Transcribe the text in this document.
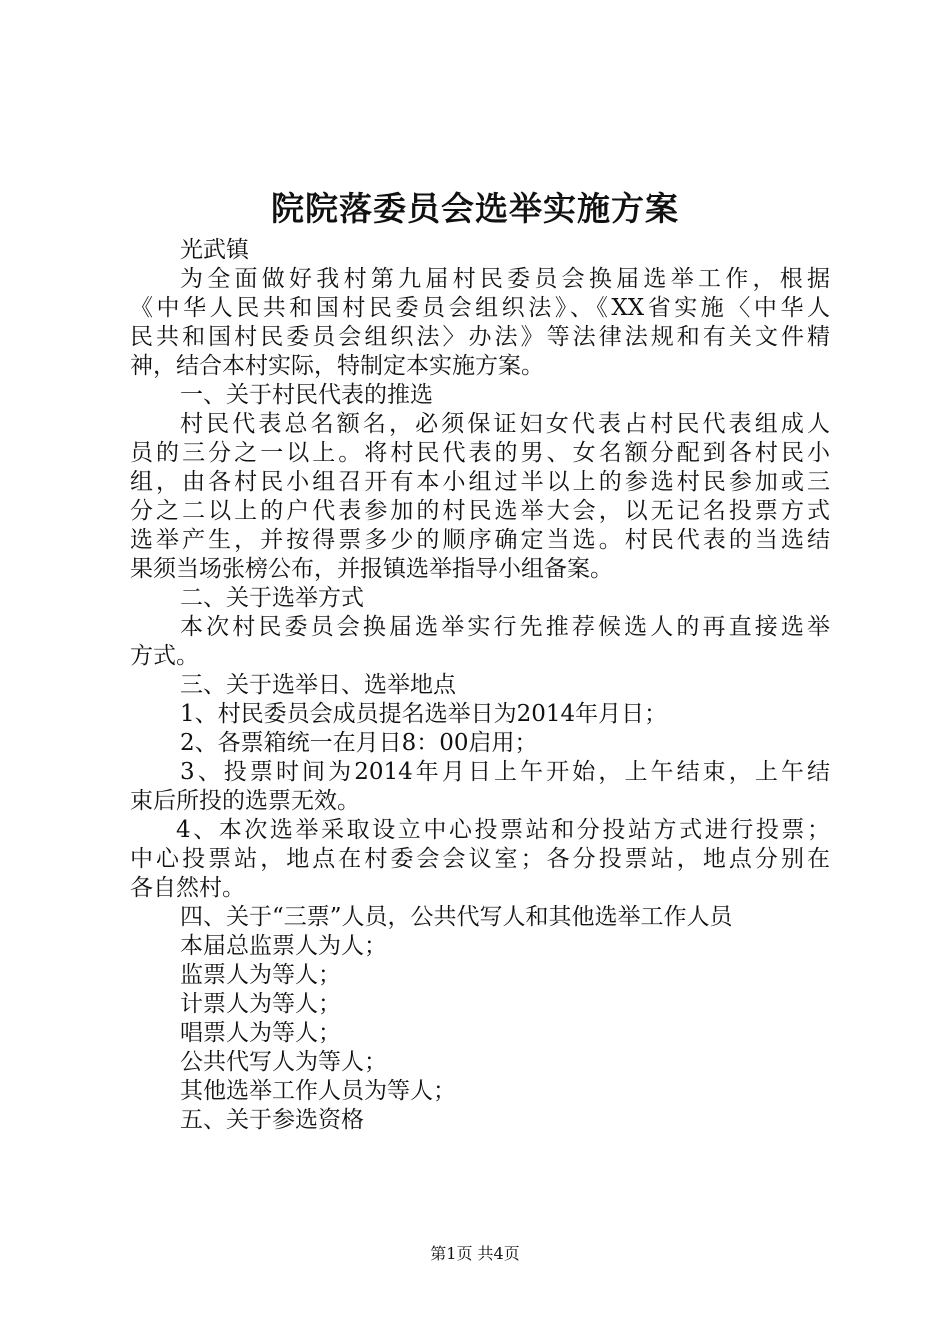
院院落委员会选举实施方案
光武镇
为全面做好我村第九届村民委员会换届选举工作，根据
《中华人民共和国村民委员会组织法》、《XX省实施〈中华人
民共和国村民委员会组织法〉办法》等法律法规和有关文件精
神，结合本村实际，特制定本实施方案。
一、关于村民代表的推选
村民代表总名额名，必须保证妇女代表占村民代表组成人
员的三分之一以上。将村民代表的男、女名额分配到各村民小
组，由各村民小组召开有本小组过半以上的参选村民参加或三
分之二以上的户代表参加的村民选举大会，以无记名投票方式
选举产生，并按得票多少的顺序确定当选。村民代表的当选结
果须当场张榜公布，并报镇选举指导小组备案。
二、关于选举方式
本次村民委员会换届选举实行先推荐候选人的再直接选举
方式。
三、关于选举日、选举地点
1、村民委员会成员提名选举日为2014年月日；
2、各票箱统一在月日8：00启用；
3、投票时间为2014年月日上午开始，上午结束，上午结
束后所投的选票无效。
4、本次选举采取设立中心投票站和分投站方式进行投票；
中心投票站，地点在村委会会议室；各分投票站，地点分别在
各自然村。
四、关于“三票”人员，公共代写人和其他选举工作人员
本届总监票人为人；
监票人为等人；
计票人为等人；
唱票人为等人；
公共代写人为等人；
其他选举工作人员为等人；
五、关于参选资格
第1页 共4页
